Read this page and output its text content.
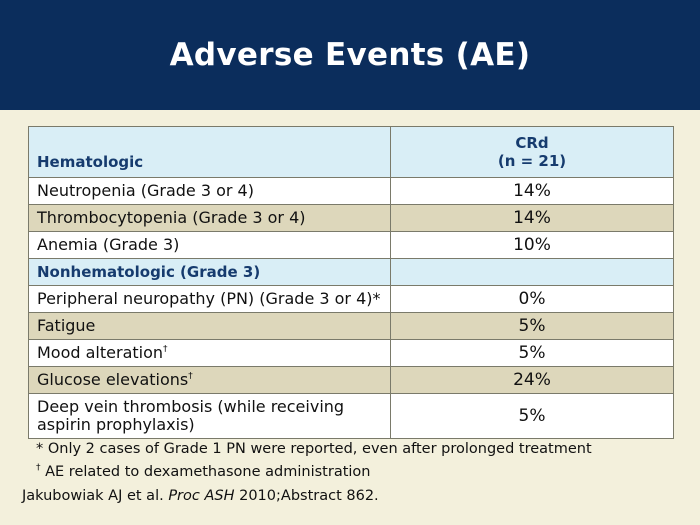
Adverse Events (AE)
Hematologic	CRd
(n = 21)

Neutropenia (Grade 3 or 4)	14%
Thrombocytopenia (Grade 3 or 4)	14%
Anemia (Grade 3)	10%
Nonhematologic (Grade 3)	
Peripheral neuropathy (PN) (Grade 3 or 4)*	0%
Fatigue	5%
Mood alteration†	5%
Glucose elevations†	24%
Deep vein thrombosis (while receiving aspirin prophylaxis)	5%

* Only 2 cases of Grade 1 PN were reported, even after prolonged treatment

† AE related to dexamethasone administration

Jakubowiak AJ et al. Proc ASH 2010;Abstract 862.
